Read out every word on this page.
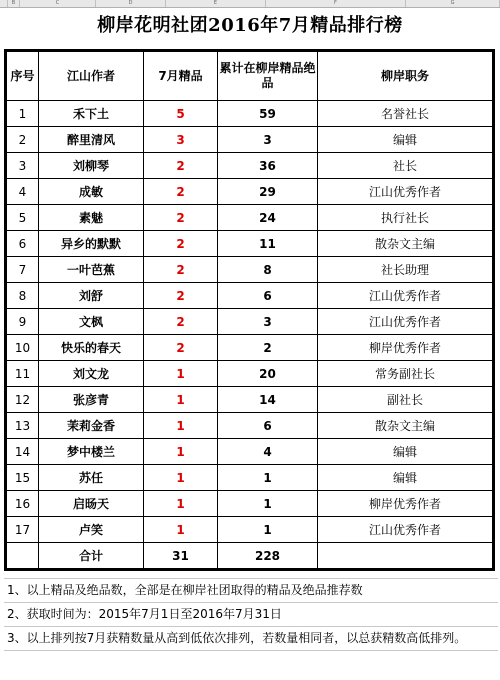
B	C	D	E	F	G
柳岸花明社团2016年7月精品排行榜
序号	江山作者	7月精品	累计在柳岸精品绝品	柳岸职务
1	禾下土	5	59	名誉社长
2	醉里清风	3	3	编辑
3	刘柳琴	2	36	社长
4	成敏	2	29	江山优秀作者
5	素魅	2	24	执行社长
6	异乡的默默	2	11	散杂文主编
7	一叶芭蕉	2	8	社长助理
8	刘舒	2	6	江山优秀作者
9	文枫	2	3	江山优秀作者
10	快乐的春天	2	2	柳岸优秀作者
11	刘文龙	1	20	常务副社长
12	张彦青	1	14	副社长
13	茉莉金香	1	6	散杂文主编
14	梦中楼兰	1	4	编辑
15	苏任	1	1	编辑
16	启旸天	1	1	柳岸优秀作者
17	卢笑	1	1	江山优秀作者
	合计	31	228	
1、以上精品及绝品数，全部是在柳岸社团取得的精品及绝品推荐数
2、获取时间为：2015年7月1日至2016年7月31日
3、以上排列按7月获精数量从高到低依次排列，若数量相同者，以总获精数高低排列。
